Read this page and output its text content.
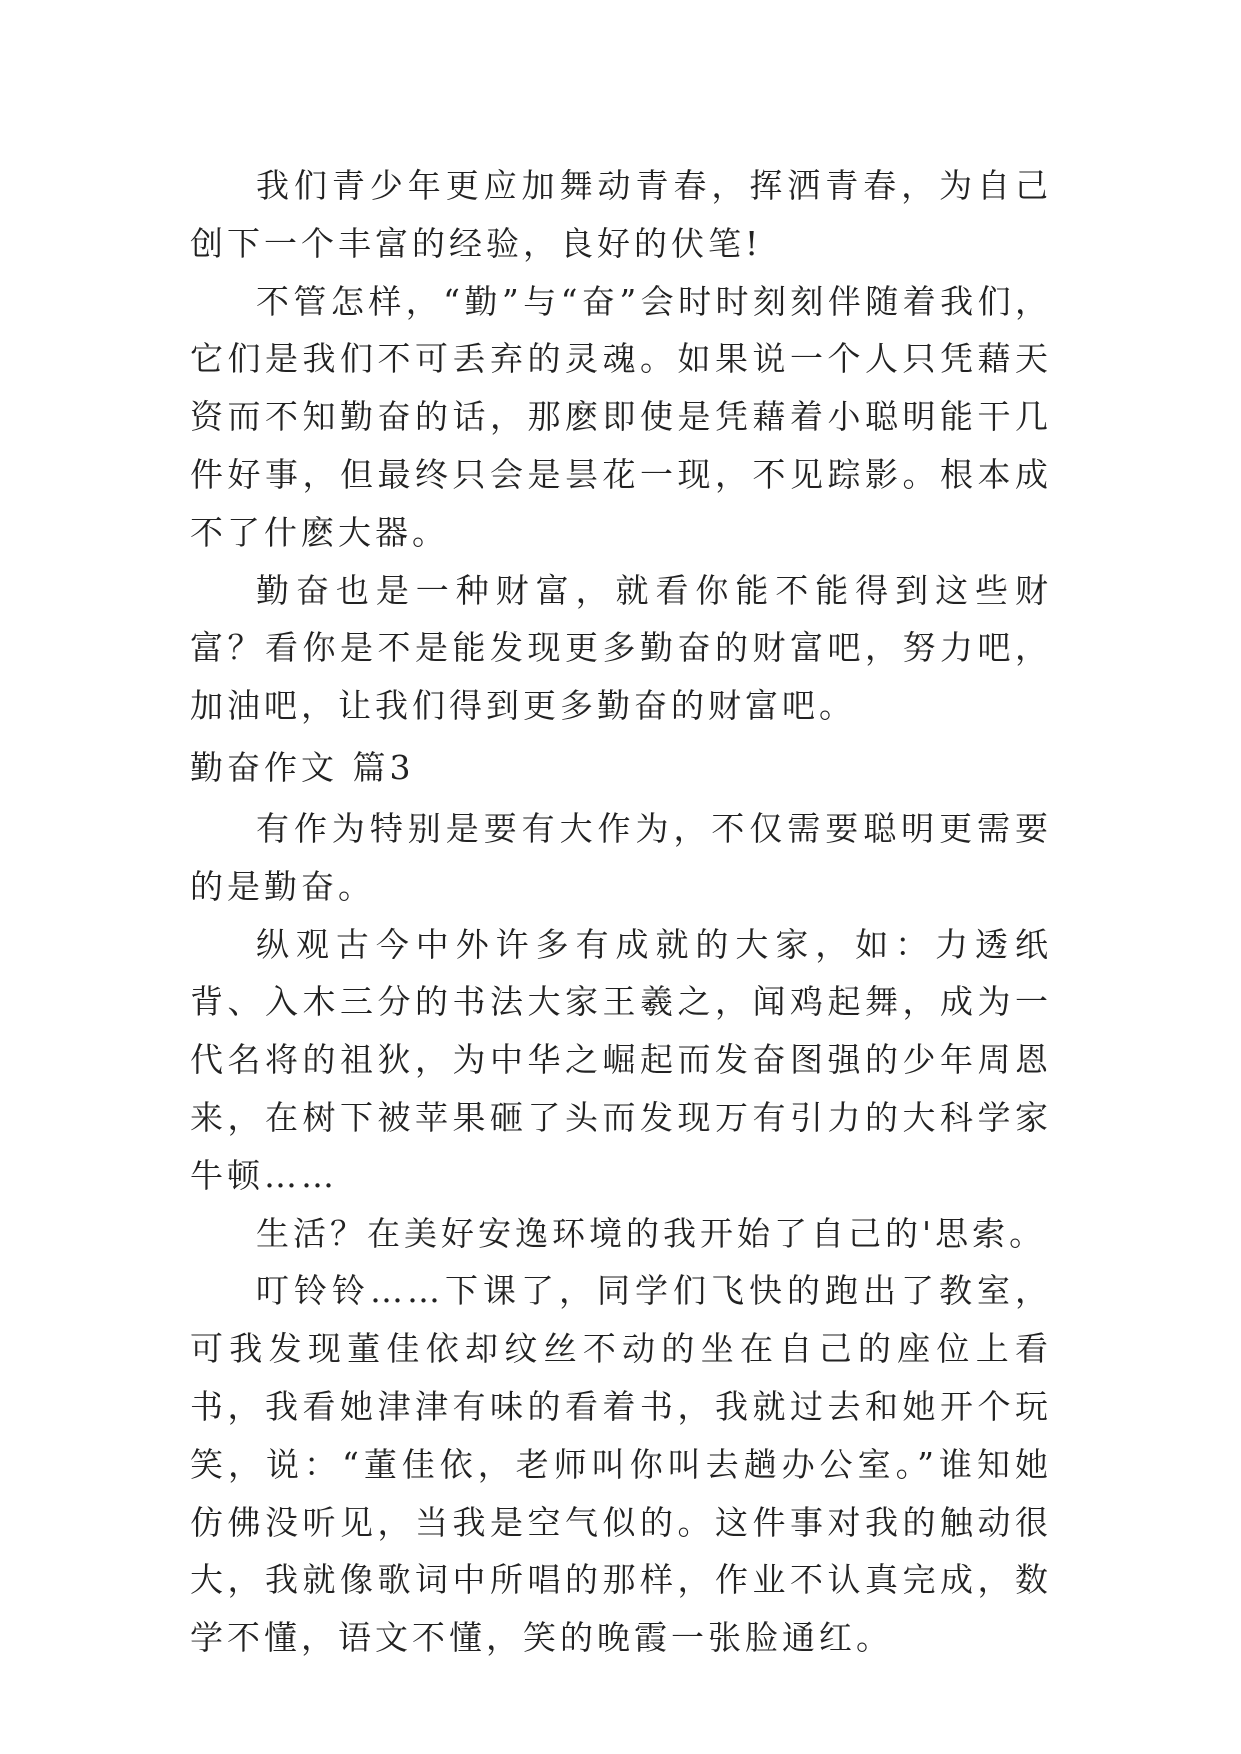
我们青少年更应加舞动青春，挥洒青春，为自己创下一个丰富的经验，良好的伏笔!

不管怎样，“勤”与“奋”会时时刻刻伴随着我们，它们是我们不可丢弃的灵魂。如果说一个人只凭藉天资而不知勤奋的话，那麽即使是凭藉着小聪明能干几件好事，但最终只会是昙花一现，不见踪影。根本成不了什麽大器。

勤奋也是一种财富，就看你能不能得到这些财富？看你是不是能发现更多勤奋的财富吧，努力吧，加油吧，让我们得到更多勤奋的财富吧。

勤奋作文 篇3

有作为特别是要有大作为，不仅需要聪明更需要的是勤奋。

纵观古今中外许多有成就的大家，如：力透纸背、入木三分的书法大家王羲之，闻鸡起舞，成为一代名将的祖狄，为中华之崛起而发奋图强的少年周恩来，在树下被苹果砸了头而发现万有引力的大科学家牛顿……

生活？在美好安逸环境的我开始了自己的'思索。

叮铃铃……下课了，同学们飞快的跑出了教室，可我发现董佳依却纹丝不动的坐在自己的座位上看书，我看她津津有味的看着书，我就过去和她开个玩笑，说：“董佳依，老师叫你叫去趟办公室。”谁知她仿佛没听见，当我是空气似的。这件事对我的触动很大，我就像歌词中所唱的那样，作业不认真完成，数学不懂，语文不懂，笑的晚霞一张脸通红。
